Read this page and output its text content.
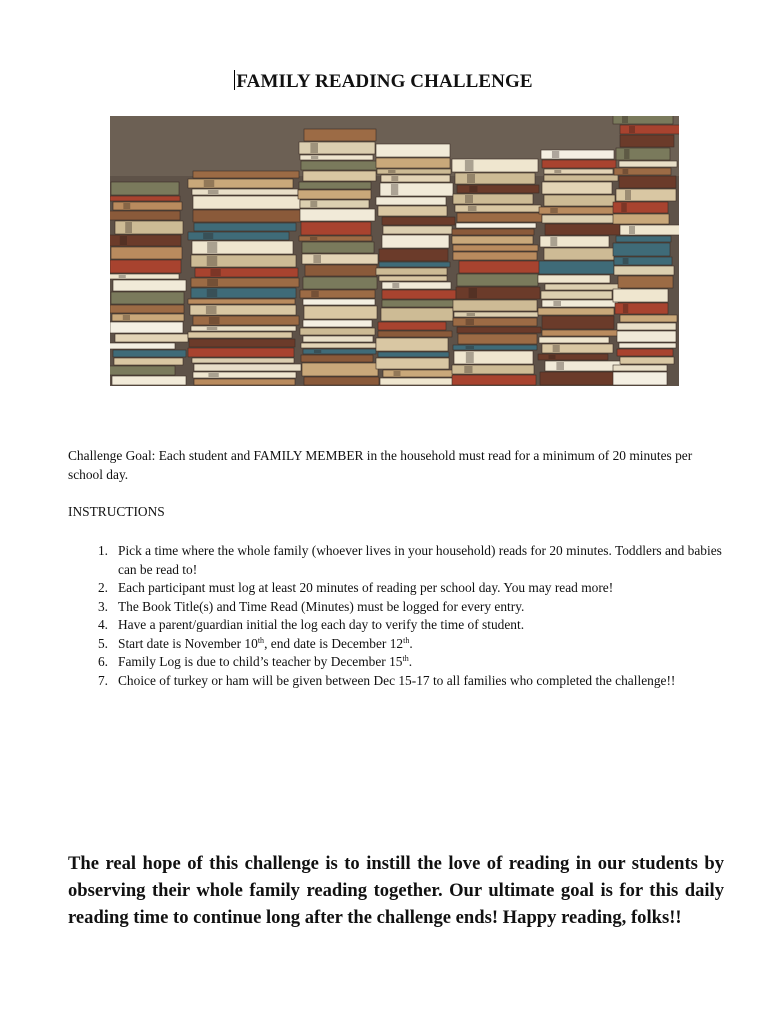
FAMILY READING CHALLENGE
Challenge Goal: Each student and FAMILY MEMBER in the household must read for a minimum of 20 minutes per school day.
INSTRUCTIONS
1. Pick a time where the whole family (whoever lives in your household) reads for 20 minutes. Toddlers and babies can be read to!
2. Each participant must log at least 20 minutes of reading per school day. You may read more!
3. The Book Title(s) and Time Read (Minutes) must be logged for every entry.
4. Have a parent/guardian initial the log each day to verify the time of student.
5. Start date is November 10th, end date is December 12th.
6. Family Log is due to child’s teacher by December 15th.
7. Choice of turkey or ham will be given between Dec 15-17 to all families who completed the challenge!!
The real hope of this challenge is to instill the love of reading in our students by observing their whole family reading together. Our ultimate goal is for this daily reading time to continue long after the challenge ends! Happy reading, folks!!
